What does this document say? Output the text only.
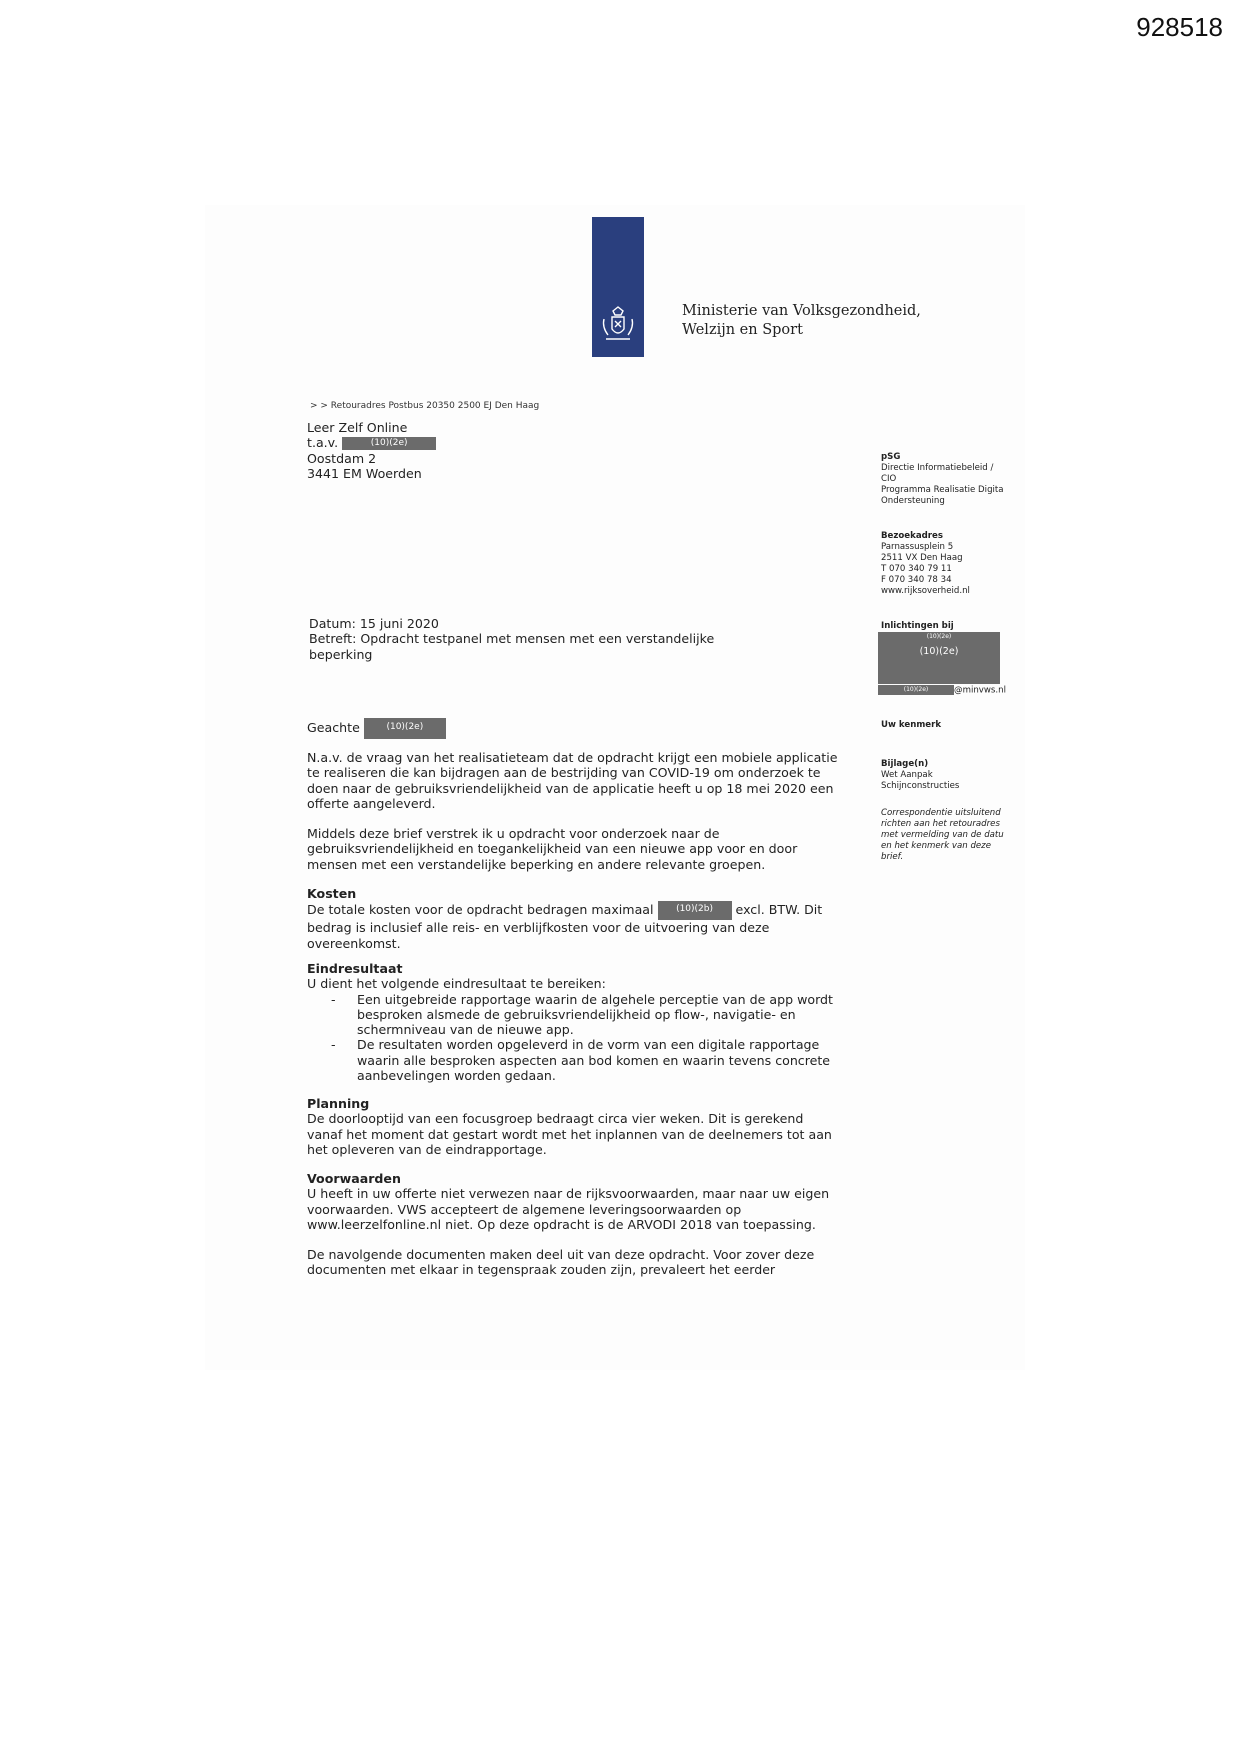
928518
Ministerie van Volksgezondheid,
Welzijn en Sport
> > Retouradres Postbus 20350 2500 EJ Den Haag
Leer Zelf Online
t.a.v.	(10)(2e)
Oostdam 2
3441 EM Woerden
pSG
Directie Informatiebeleid /
CIO
Programma Realisatie Digita
Ondersteuning
Bezoekadres
Parnassusplein 5
2511 VX Den Haag
T 070 340 79 11
F 070 340 78 34
www.rijksoverheid.nl
Inlichtingen bij
(10)(2e)
(10)(2e)
(10)(2e)	@minvws.nl
Uw kenmerk
Bijlage(n)
Wet Aanpak
Schijnconstructies
Correspondentie uitsluitend
richten aan het retouradres
met vermelding van de datu
en het kenmerk van deze
brief.
Datum: 15 juni 2020
Betreft: Opdracht testpanel met mensen met een verstandelijke
beperking
Geachte	(10)(2e)
N.a.v. de vraag van het realisatieteam dat de opdracht krijgt een mobiele applicatie
te realiseren die kan bijdragen aan de bestrijding van COVID-19 om onderzoek te
doen naar de gebruiksvriendelijkheid van de applicatie heeft u op 18 mei 2020 een
offerte aangeleverd.
Middels deze brief verstrek ik u opdracht voor onderzoek naar de
gebruiksvriendelijkheid en toegankelijkheid van een nieuwe app voor en door
mensen met een verstandelijke beperking en andere relevante groepen.
Kosten
De totale kosten voor de opdracht bedragen maximaal	(10)(2b) excl. BTW. Dit
bedrag is inclusief alle reis- en verblijfkosten voor de uitvoering van deze
overeenkomst.
Eindresultaat
U dient het volgende eindresultaat te bereiken:
- Een uitgebreide rapportage waarin de algehele perceptie van de app wordt
besproken alsmede de gebruiksvriendelijkheid op flow-, navigatie- en
schermniveau van de nieuwe app.
- De resultaten worden opgeleverd in de vorm van een digitale rapportage
waarin alle besproken aspecten aan bod komen en waarin tevens concrete
aanbevelingen worden gedaan.
Planning
De doorlooptijd van een focusgroep bedraagt circa vier weken. Dit is gerekend
vanaf het moment dat gestart wordt met het inplannen van de deelnemers tot aan
het opleveren van de eindrapportage.
Voorwaarden
U heeft in uw offerte niet verwezen naar de rijksvoorwaarden, maar naar uw eigen
voorwaarden. VWS accepteert de algemene leveringsoorwaarden op
www.leerzelfonline.nl niet. Op deze opdracht is de ARVODI 2018 van toepassing.
De navolgende documenten maken deel uit van deze opdracht. Voor zover deze
documenten met elkaar in tegenspraak zouden zijn, prevaleert het eerder
